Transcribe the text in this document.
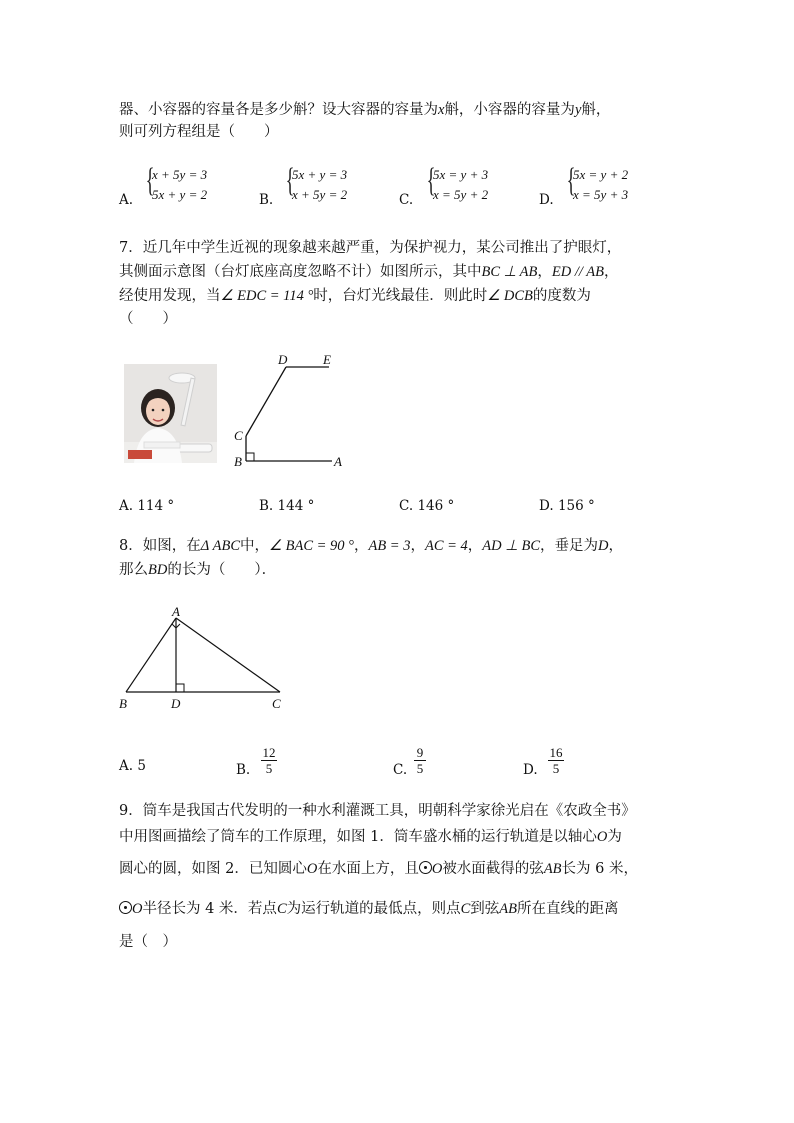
器、小容器的容量各是多少斛？设大容器的容量为x斛，小容器的容量为y斛，
则可列方程组是（　　）
A.
{
x + 5y = 3
5x + y = 2	B.
{
5x + y = 3
x + 5y = 2	C.
{
5x = y + 3
x = 5y + 2	D.
{
5x = y + 2
x = 5y + 3
7．近几年中学生近视的现象越来越严重，为保护视力，某公司推出了护眼灯，
其侧面示意图（台灯底座高度忽略不计）如图所示，其中BC ⊥ AB，ED // AB，
经使用发现，当∠ EDC = 114 °时，台灯光线最佳．则此时∠ DCB的度数为
（　　）
D	E
C
B	A
A. 114 °	B. 144 °	C. 146 °	D. 156 °
8．如图，在Δ ABC中，∠ BAC = 90 °，AB = 3，AC = 4，AD ⊥ BC，垂足为D，
那么BD的长为（　　）．
A
B	D	C
A. 5	B.
12
5	C.
9
5	D.
16
5
9．筒车是我国古代发明的一种水利灌溉工具，明朝科学家徐光启在《农政全书》
中用图画描绘了筒车的工作原理，如图 1．筒车盛水桶的运行轨道是以轴心O为
圆心的圆，如图 2．已知圆心O在水面上方，且 O被水面截得的弦AB长为 6 米，
O半径长为 4 米．若点C为运行轨道的最低点，则点C到弦AB所在直线的距离
是（　）
